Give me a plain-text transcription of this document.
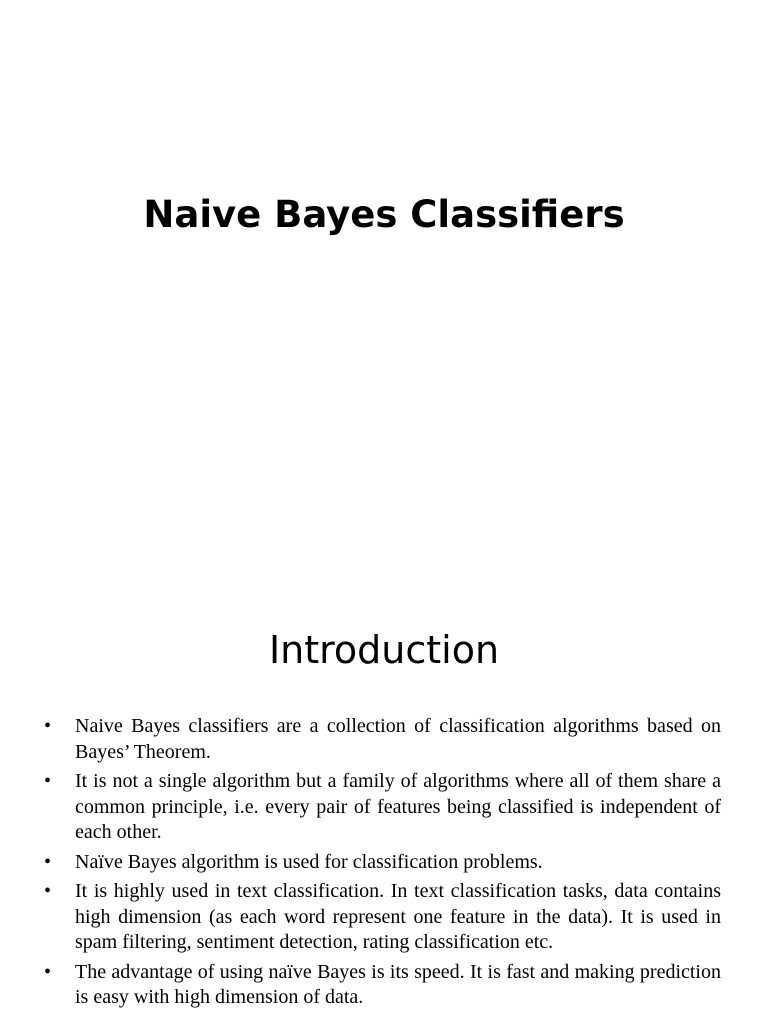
Naive Bayes Classifiers
Introduction
•	Naive Bayes classifiers are a collection of classification algorithms based on Bayes’ Theorem.
•	It is not a single algorithm but a family of algorithms where all of them share a common principle, i.e. every pair of features being classified is independent of each other.
•	Naïve Bayes algorithm is used for classification problems.
•	It is highly used in text classification. In text classification tasks, data contains high dimension (as each word represent one feature in the data). It is used in spam filtering, sentiment detection, rating classification etc.
•	The advantage of using naïve Bayes is its speed. It is fast and making prediction is easy with high dimension of data.
